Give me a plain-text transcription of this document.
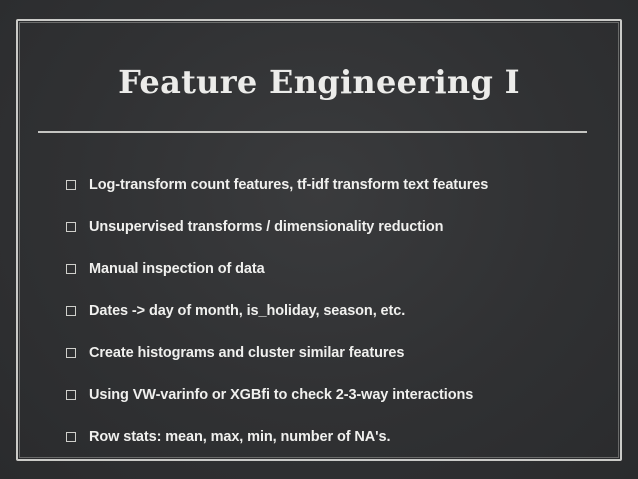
Feature Engineering I
Log-transform count features, tf-idf transform text features
Unsupervised transforms / dimensionality reduction
Manual inspection of data
Dates -> day of month, is_holiday, season, etc.
Create histograms and cluster similar features
Using VW-varinfo or XGBfi to check 2-3-way interactions
Row stats: mean, max, min, number of NA's.
